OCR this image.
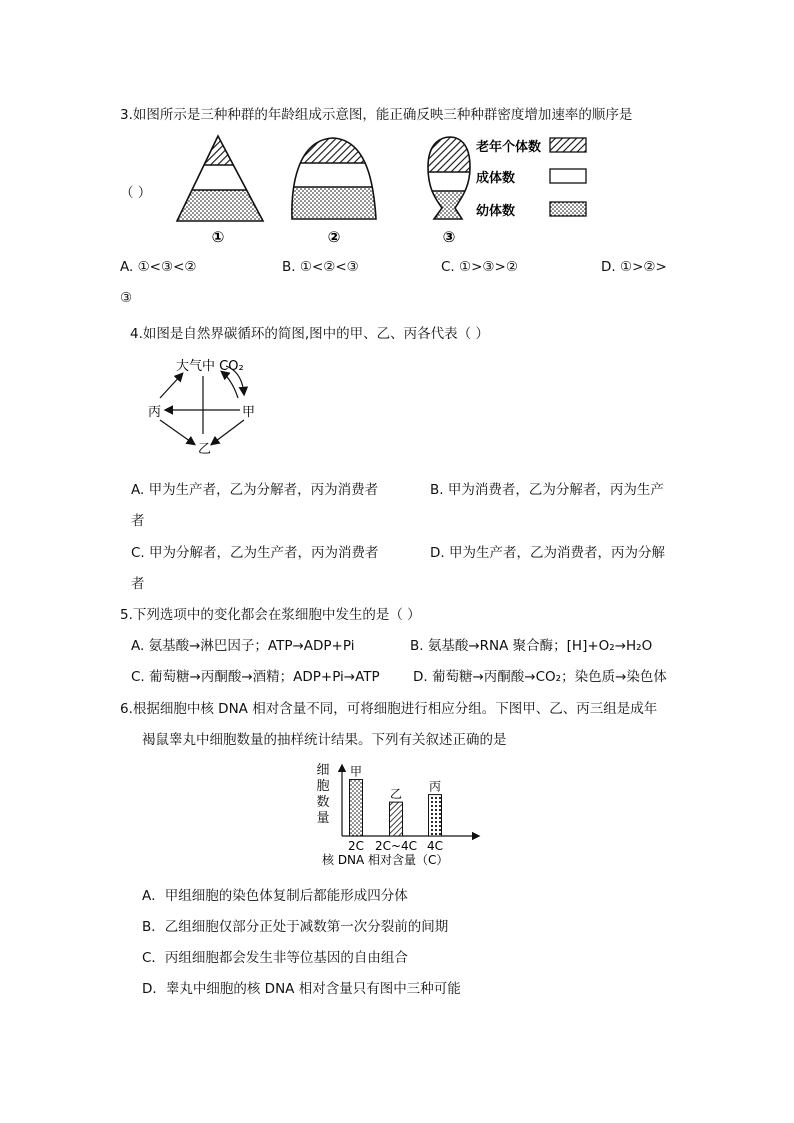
3.如图所示是三种种群的年龄组成示意图，能正确反映三种种群密度增加速率的顺序是
（ ）
①	②	③
老年个体数
成体数
幼体数
A. ①<③<②	B. ①<②<③	C. ①>③>②	D. ①>②>
③
4.如图是自然界碳循环的简图,图中的甲、乙、丙各代表（ ）
大气中 CO₂
丙	甲
乙
A. 甲为生产者，乙为分解者，丙为消费者	B. 甲为消费者，乙为分解者，丙为生产
者
C. 甲为分解者，乙为生产者，丙为消费者	D. 甲为生产者，乙为消费者，丙为分解
者
5.下列选项中的变化都会在浆细胞中发生的是（ ）
A. 氨基酸→淋巴因子；ATP→ADP+Pi	B. 氨基酸→RNA 聚合酶；[H]+O₂→H₂O
C. 葡萄糖→丙酮酸→酒精；ADP+Pi→ATP D. 葡萄糖→丙酮酸→CO₂；染色质→染色体
6.根据细胞中核 DNA 相对含量不同，可将细胞进行相应分组。下图甲、乙、丙三组是成年
褐鼠睾丸中细胞数量的抽样统计结果。下列有关叙述正确的是
细
胞
数
量
甲
2C
乙
2C~4C
丙
4C
核 DNA 相对含量（C）
A．甲组细胞的染色体复制后都能形成四分体
B．乙组细胞仅部分正处于减数第一次分裂前的间期
C．丙组细胞都会发生非等位基因的自由组合
D．睾丸中细胞的核 DNA 相对含量只有图中三种可能
